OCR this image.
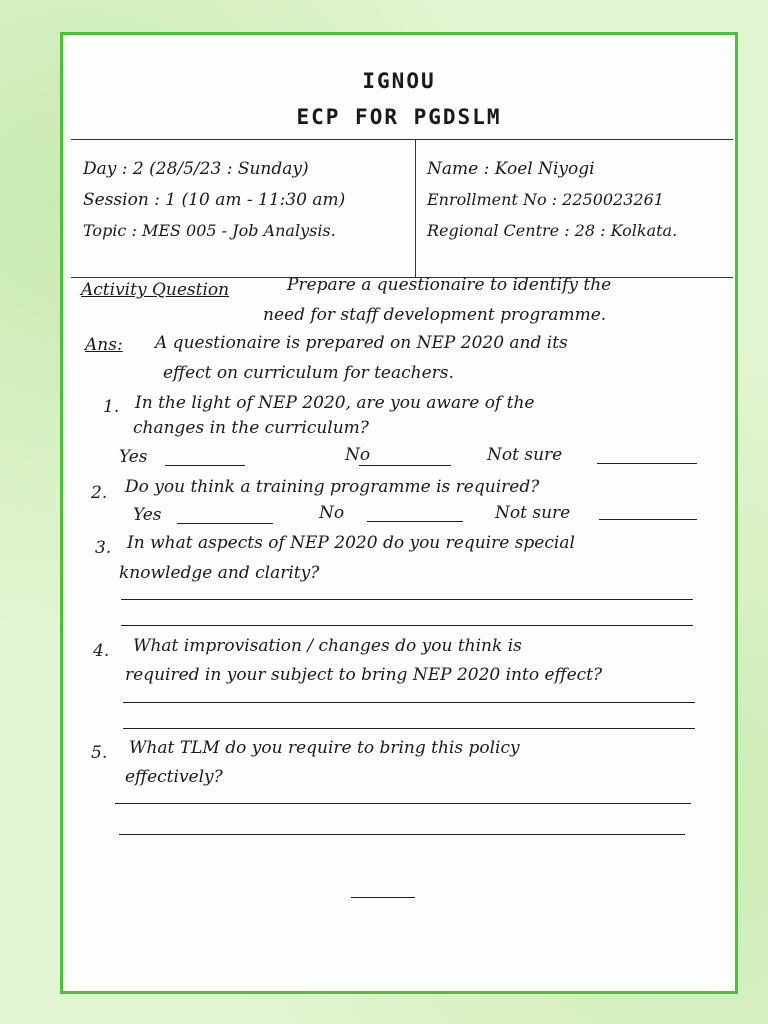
IGNOU
ECP FOR PGDSLM
Day : 2 (28/5/23 : Sunday)
Session : 1 (10 am - 11:30 am)
Topic : MES 005 - Job Analysis.
Name : Koel Niyogi
Enrollment No : 2250023261
Regional Centre : 28 : Kolkata.
Activity Question	Prepare a questionaire to identify the
need for staff development programme.
Ans: A questionaire is prepared on NEP 2020 and its
effect on curriculum for teachers.
1. In the light of NEP 2020, are you aware of the
changes in the curriculum?
Yes	No	Not sure
2. Do you think a training programme is required?
Yes	No	Not sure
3. In what aspects of NEP 2020 do you require special
knowledge and clarity?
4. What improvisation / changes do you think is
required in your subject to bring NEP 2020 into effect?
5. What TLM do you require to bring this policy
effectively?
